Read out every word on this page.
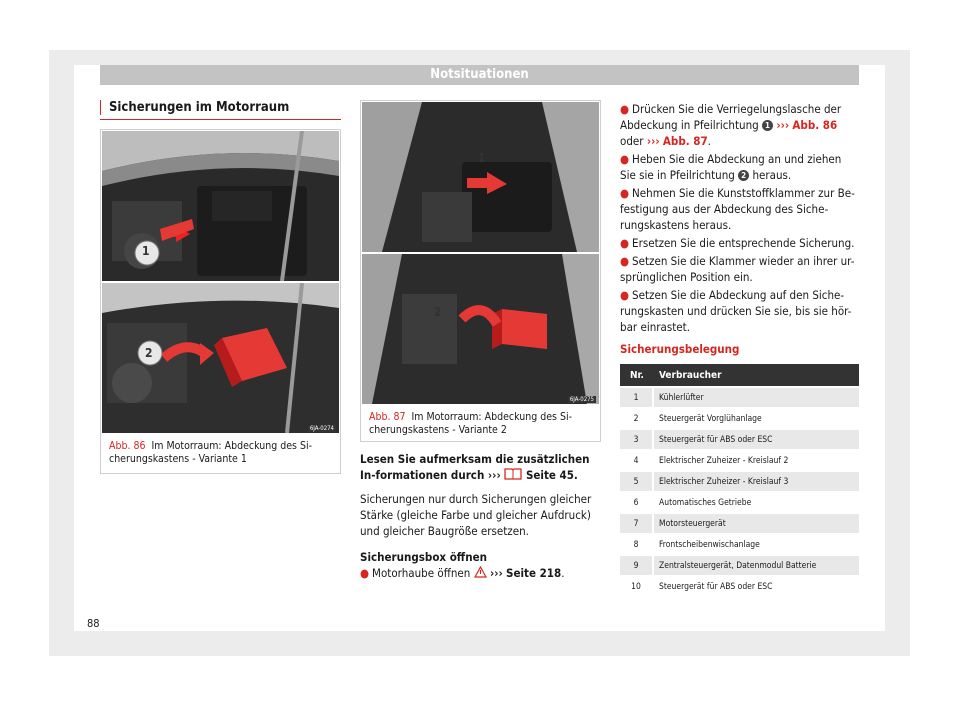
Notsituationen
Sicherungen im Motorraum
6JA-0274
Abb. 86 Im Motorraum: Abdeckung des Si-cherungskastens - Variante 1
1
2
6JA-0275
Abb. 87 Im Motorraum: Abdeckung des Si-cherungskastens - Variante 2
1
2

Lesen Sie aufmerksam die zusätzlichen In-formationen durch ››› Seite 45.

Sicherungen nur durch Sicherungen gleicher Stärke (gleiche Farbe und gleicher Aufdruck) und gleicher Baugröße ersetzen.

Sicherungsbox öffnen

● Motorhaube öffnen ››› Seite 218.

● Drücken Sie die Verriegelungslasche der Abdeckung in Pfeilrichtung 1 ››› Abb. 86 oder ››› Abb. 87.

● Heben Sie die Abdeckung an und ziehen Sie sie in Pfeilrichtung 2 heraus.

● Nehmen Sie die Kunststoffklammer zur Be-festigung aus der Abdeckung des Siche-rungskastens heraus.

● Ersetzen Sie die entsprechende Sicherung.

● Setzen Sie die Klammer wieder an ihrer ur-sprünglichen Position ein.

● Setzen Sie die Abdeckung auf den Siche-rungskasten und drücken Sie sie, bis sie hör-bar einrastet.

Sicherungsbelegung

Nr.	Verbraucher
1	Kühlerlüfter
2	Steuergerät Vorglühanlage
3	Steuergerät für ABS oder ESC
4	Elektrischer Zuheizer - Kreislauf 2
5	Elektrischer Zuheizer - Kreislauf 3
6	Automatisches Getriebe
7	Motorsteuergerät
8	Frontscheibenwischanlage
9	Zentralsteuergerät, Datenmodul Batterie
10	Steuergerät für ABS oder ESC
88
